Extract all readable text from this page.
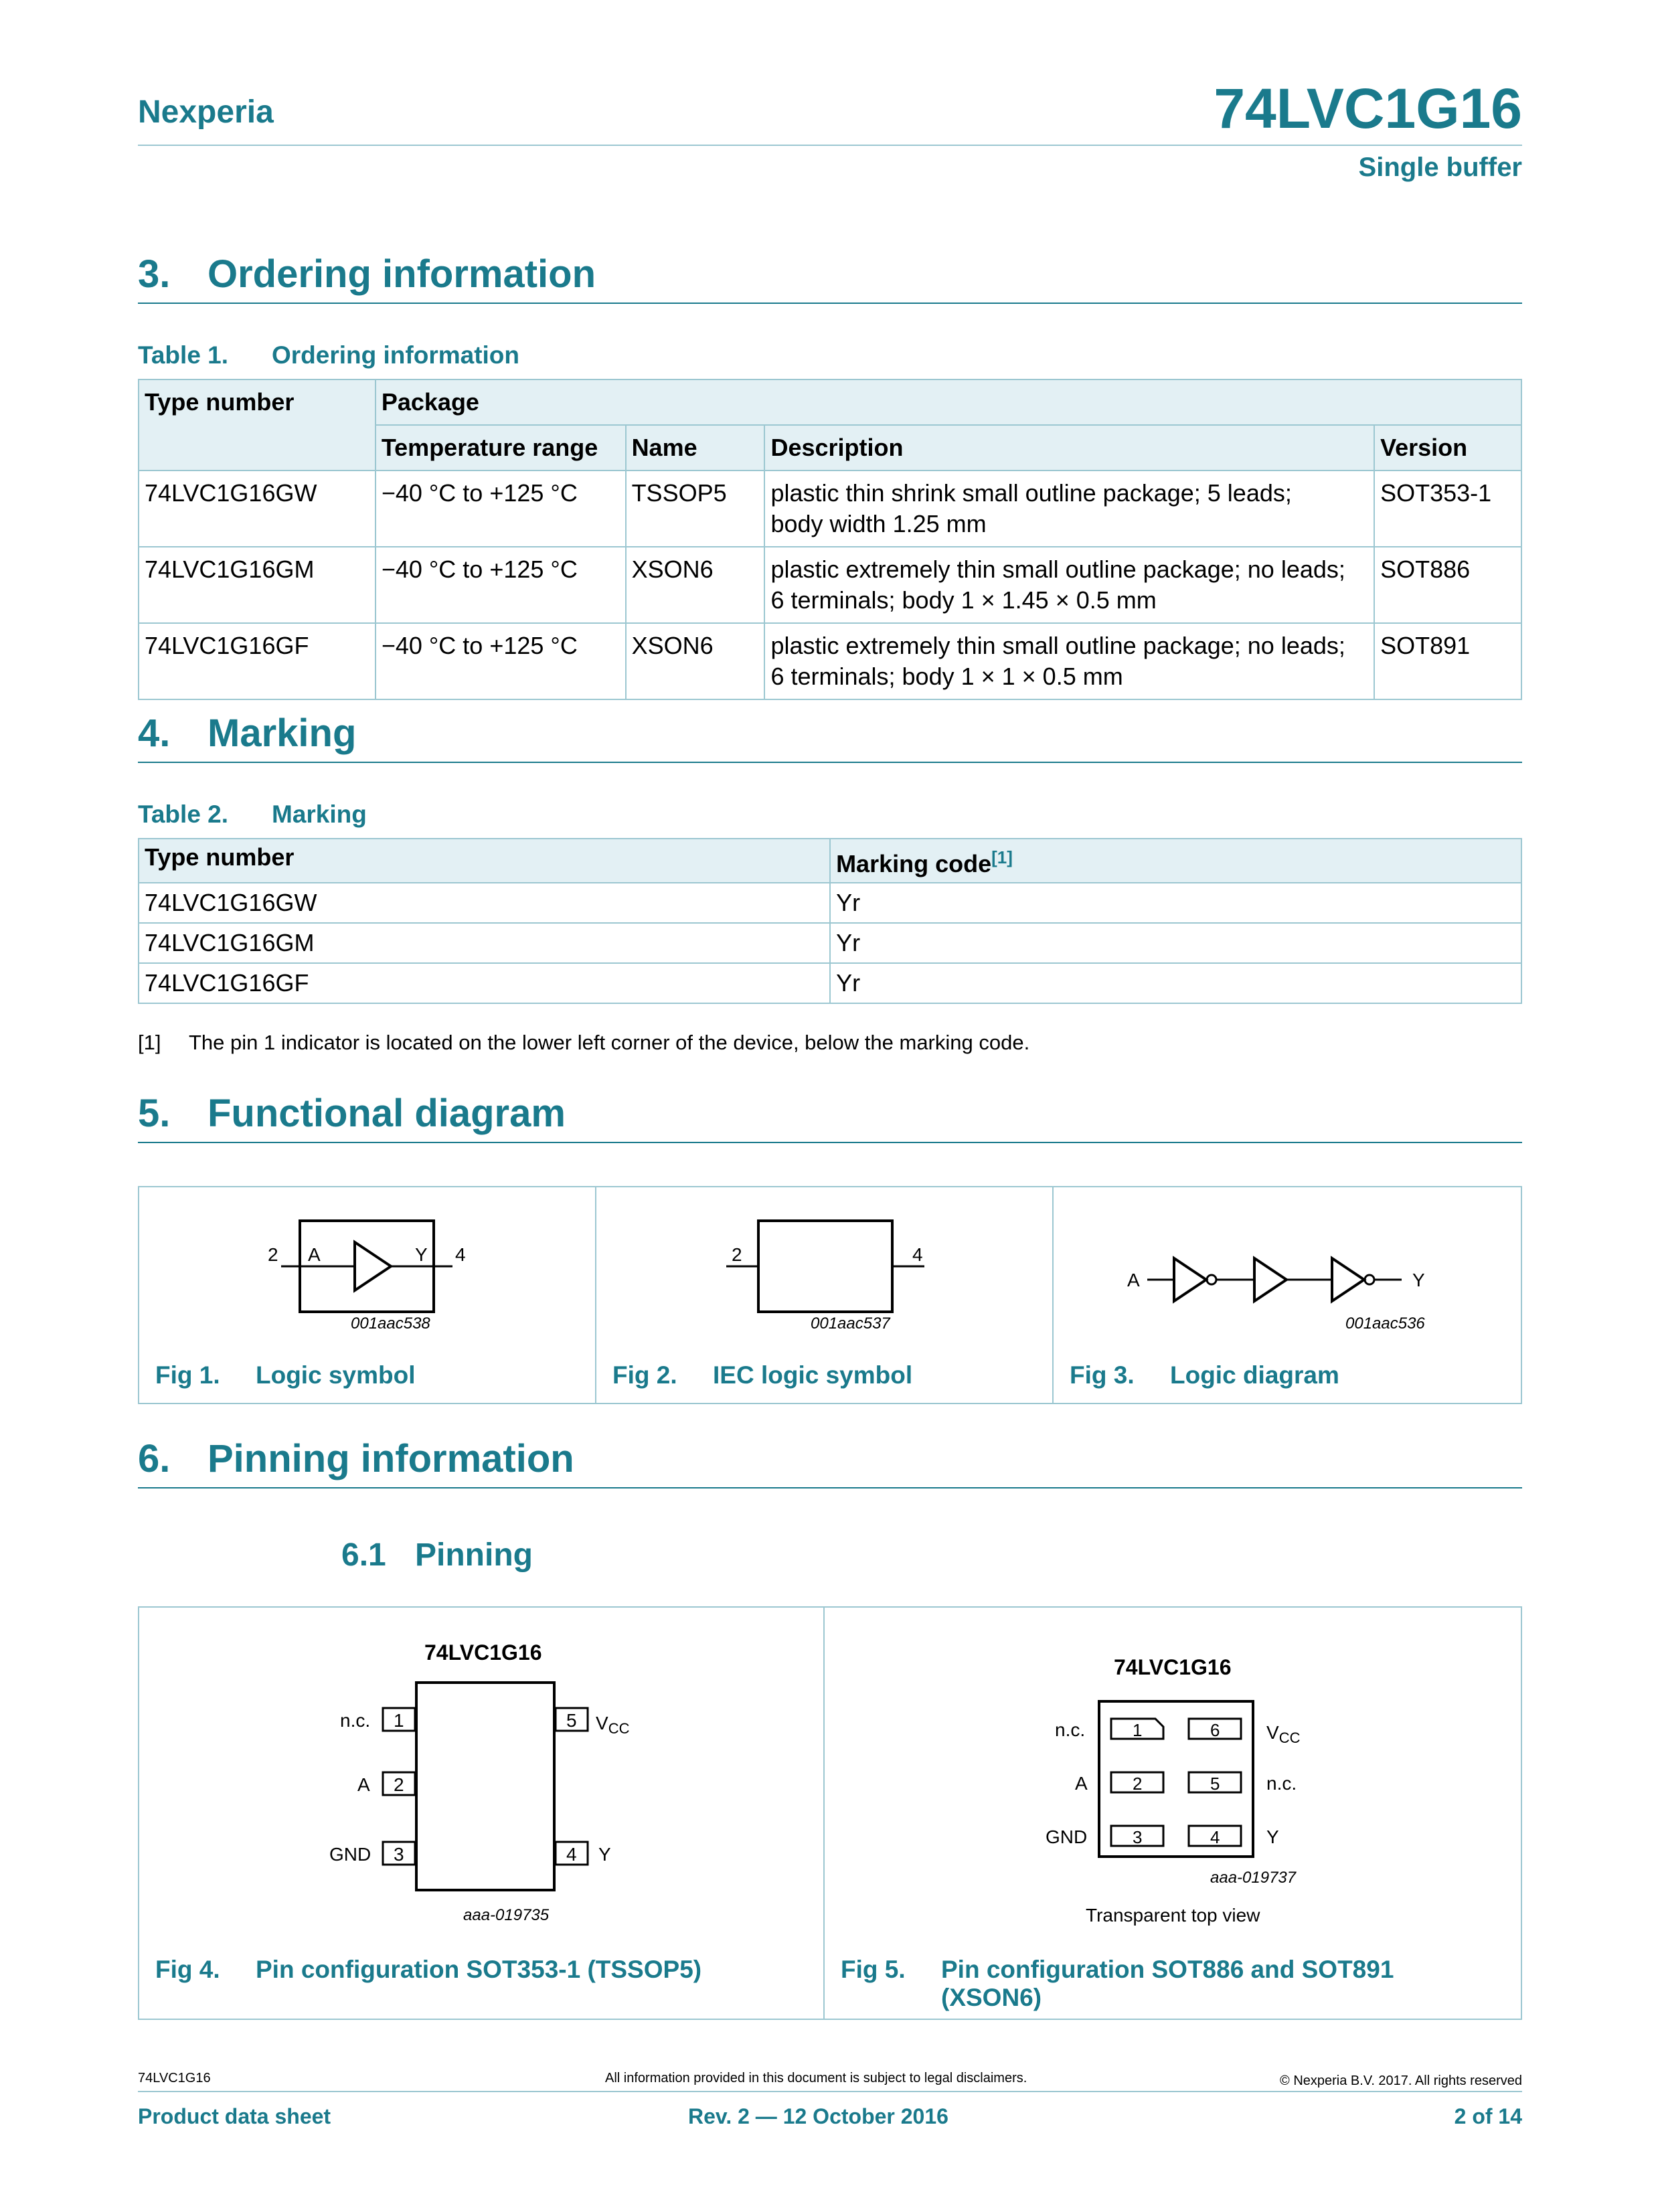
Nexperia	74LVC1G16
Single buffer
3. Ordering information
Table 1. Ordering information
Type number	Package			
	Temperature range	Name	Description	Version
74LVC1G16GW	−40 °C to +125 °C	TSSOP5	plastic thin shrink small outline package; 5 leads;
body width 1.25 mm	SOT353-1
74LVC1G16GM	−40 °C to +125 °C	XSON6	plastic extremely thin small outline package; no leads;
6 terminals; body 1 × 1.45 × 0.5 mm	SOT886
74LVC1G16GF	−40 °C to +125 °C	XSON6	plastic extremely thin small outline package; no leads;
6 terminals; body 1 × 1 × 0.5 mm	SOT891
4. Marking
Table 2. Marking
Type number	Marking code[1]
74LVC1G16GW	Yr
74LVC1G16GM	Yr
74LVC1G16GF	Yr
[1] The pin 1 indicator is located on the lower left corner of the device, below the marking code.
5. Functional diagram
2 A	Y 4
001aac538
Fig 1. Logic symbol
2	4
001aac537
Fig 2. IEC logic symbol
A	Y
001aac536
Fig 3. Logic diagram
6. Pinning information
6.1 Pinning
74LVC1G16
1
n.c.
2
A
3
GND
5 $V_{CC}$
4 Y
aaa-019735
Fig 4. Pin configuration SOT353-1 (TSSOP5)
74LVC1G16
1
2
3
6
5
4
n.c.
A
GND
$V_{CC}$
n.c.
Y
aaa-019737
Transparent top view
Fig 5. Pin configuration SOT886 and SOT891
(XSON6)
74LVC1G16	All information provided in this document is subject to legal disclaimers.	© Nexperia B.V. 2017. All rights reserved
Product data sheet	Rev. 2 — 12 October 2016	2 of 14
